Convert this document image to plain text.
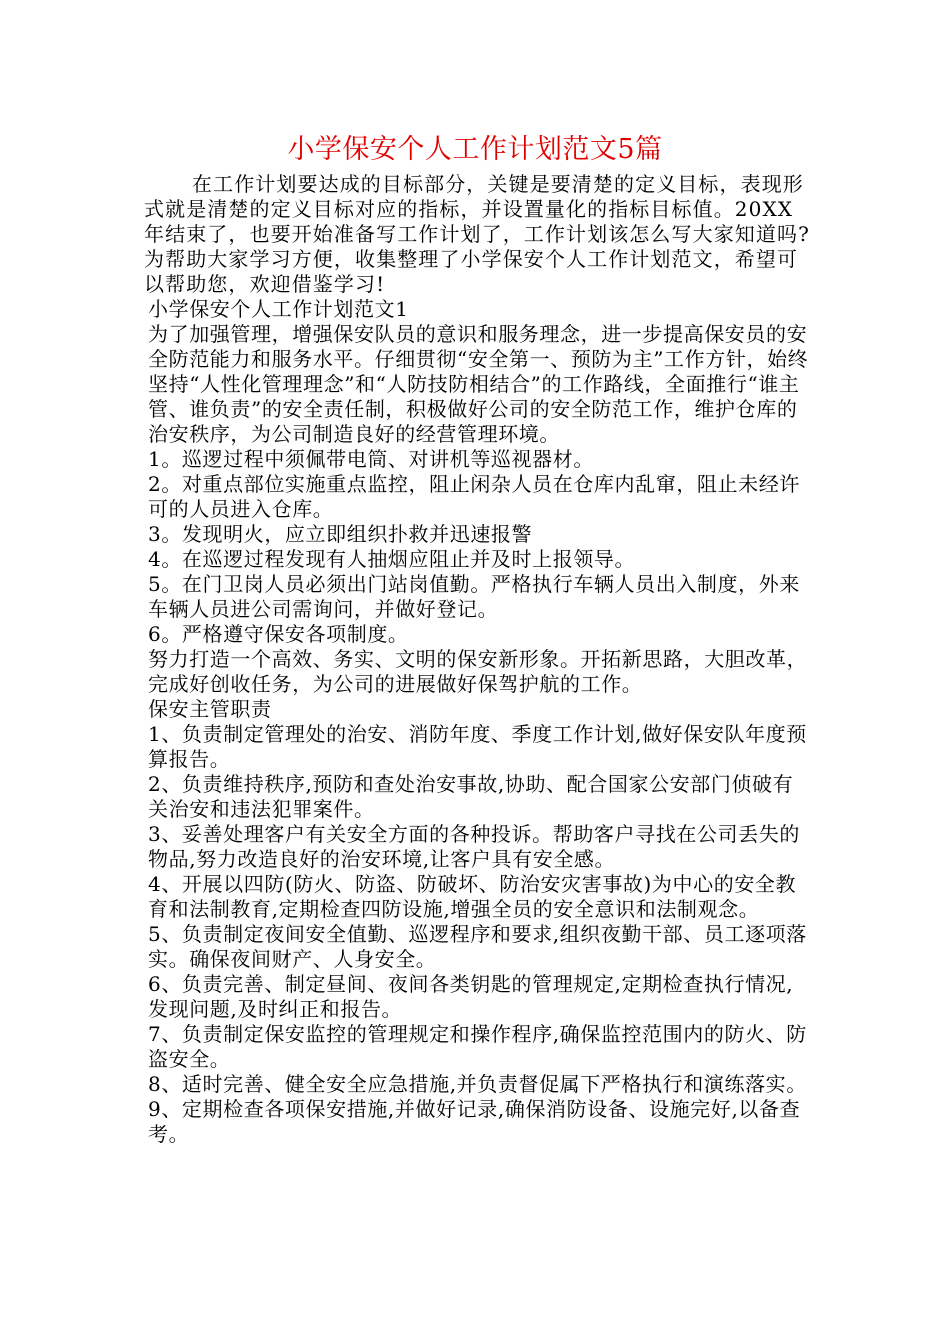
小学保安个人工作计划范文5篇

在工作计划要达成的目标部分，关键是要清楚的定义目标，表现形式就是清楚的定义目标对应的指标，并设置量化的指标目标值。20XX年结束了，也要开始准备写工作计划了，工作计划该怎么写大家知道吗?为帮助大家学习方便，收集整理了小学保安个人工作计划范文，希望可以帮助您，欢迎借鉴学习!

小学保安个人工作计划范文1

为了加强管理，增强保安队员的意识和服务理念，进一步提高保安员的安全防范能力和服务水平。仔细贯彻“安全第一、预防为主”工作方针，始终坚持“人性化管理理念”和“人防技防相结合”的工作路线，全面推行“谁主管、谁负责”的安全责任制，积极做好公司的安全防范工作，维护仓库的治安秩序，为公司制造良好的经营管理环境。

1。巡逻过程中须佩带电筒、对讲机等巡视器材。

2。对重点部位实施重点监控，阻止闲杂人员在仓库内乱窜，阻止未经许可的人员进入仓库。

3。发现明火，应立即组织扑救并迅速报警

4。在巡逻过程发现有人抽烟应阻止并及时上报领导。

5。在门卫岗人员必须出门站岗值勤。严格执行车辆人员出入制度，外来车辆人员进公司需询问，并做好登记。

6。严格遵守保安各项制度。

努力打造一个高效、务实、文明的保安新形象。开拓新思路，大胆改革，完成好创收任务，为公司的进展做好保驾护航的工作。

保安主管职责

1、负责制定管理处的治安、消防年度、季度工作计划,做好保安队年度预算报告。

2、负责维持秩序,预防和查处治安事故,协助、配合国家公安部门侦破有关治安和违法犯罪案件。

3、妥善处理客户有关安全方面的各种投诉。帮助客户寻找在公司丢失的物品,努力改造良好的治安环境,让客户具有安全感。

4、开展以四防(防火、防盗、防破坏、防治安灾害事故)为中心的安全教育和法制教育,定期检查四防设施,增强全员的安全意识和法制观念。

5、负责制定夜间安全值勤、巡逻程序和要求,组织夜勤干部、员工逐项落实。确保夜间财产、人身安全。

6、负责完善、制定昼间、夜间各类钥匙的管理规定,定期检查执行情况,发现问题,及时纠正和报告。

7、负责制定保安监控的管理规定和操作程序,确保监控范围内的防火、防盗安全。

8、适时完善、健全安全应急措施,并负责督促属下严格执行和演练落实。

9、定期检查各项保安措施,并做好记录,确保消防设备、设施完好,以备查考。
